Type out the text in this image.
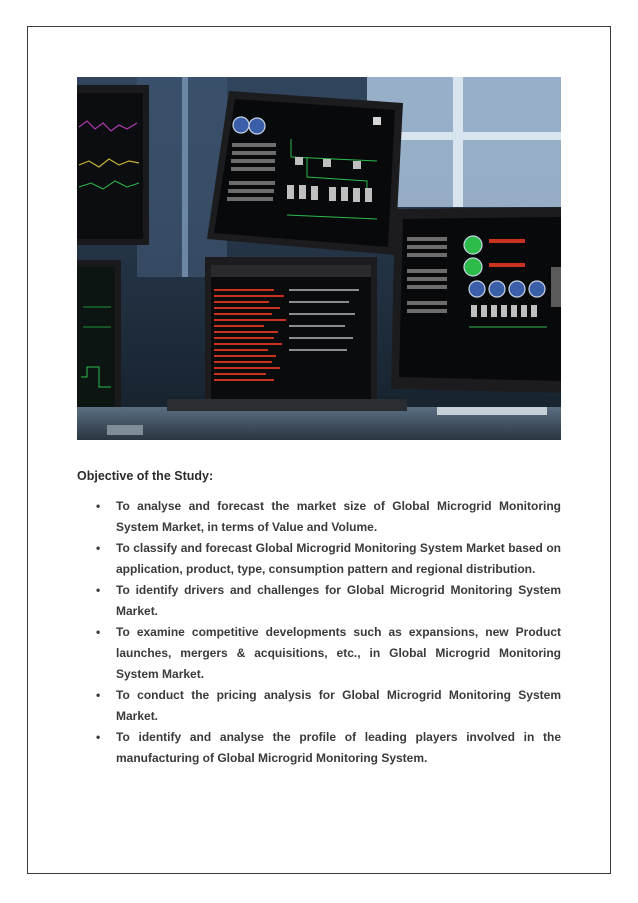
Objective of the Study:
• To analyse and forecast the market size of Global Microgrid Monitoring System Market, in terms of Value and Volume.
• To classify and forecast Global Microgrid Monitoring System Market based on application, product, type, consumption pattern and regional distribution.
• To identify drivers and challenges for Global Microgrid Monitoring System Market.
• To examine competitive developments such as expansions, new Product launches, mergers & acquisitions, etc., in Global Microgrid Monitoring System Market.
• To conduct the pricing analysis for Global Microgrid Monitoring System Market.
• To identify and analyse the profile of leading players involved in the manufacturing of Global Microgrid Monitoring System.
